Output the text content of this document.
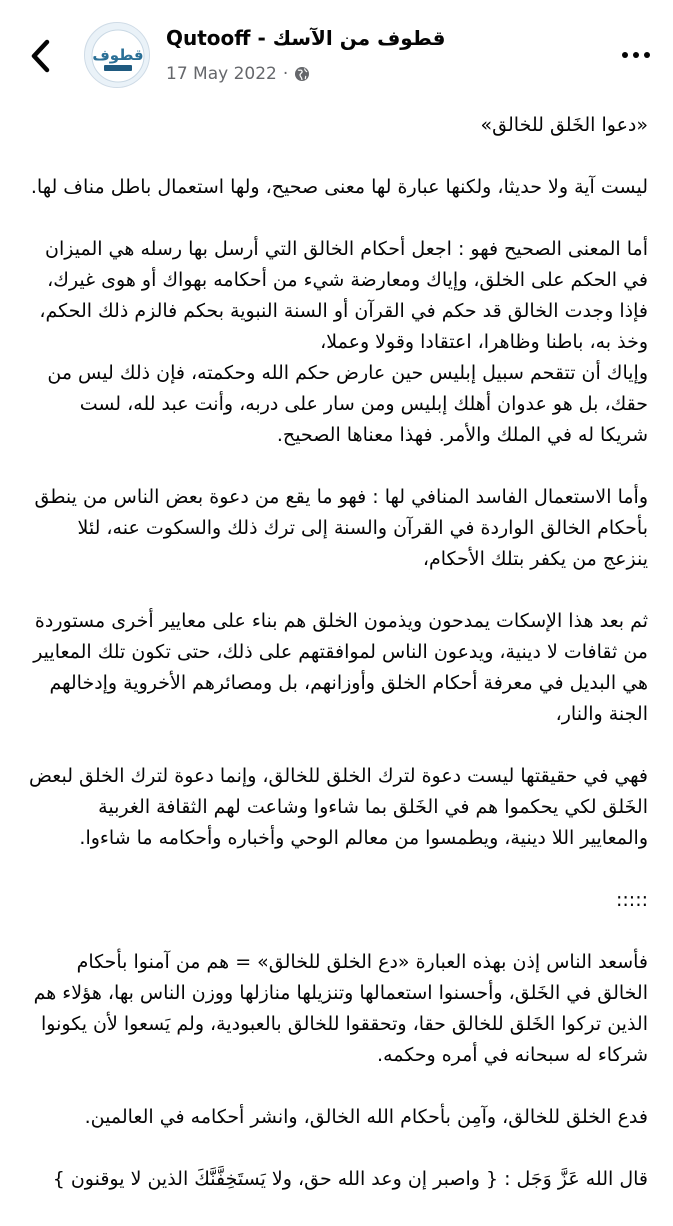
قطوف
Qutooff - قطوف من الآسك
17 May 2022 ·

«دعوا الخَلق للخالق»

ليست آية ولا حديثا، ولكنها عبارة لها معنى صحيح، ولها استعمال باطل مناف لها.

أما المعنى الصحيح فهو : اجعل أحكام الخالق التي أرسل بها رسله هي الميزان في الحكم على الخلق، وإياك ومعارضة شيء من أحكامه بهواك أو هوى غيرك،

فإذا وجدت الخالق قد حكم في القرآن أو السنة النبوية بحكم فالزم ذلك الحكم، وخذ به، باطنا وظاهرا، اعتقادا وقولا وعملا،

وإياك أن تتقحم سبيل إبليس حين عارض حكم الله وحكمته، فإن ذلك ليس من حقك، بل هو عدوان أهلك إبليس ومن سار على دربه، وأنت عبد لله، لست شريكا له في الملك والأمر. فهذا معناها الصحيح.

وأما الاستعمال الفاسد المنافي لها : فهو ما يقع من دعوة بعض الناس من ينطق بأحكام الخالق الواردة في القرآن والسنة إلى ترك ذلك والسكوت عنه، لئلا ينزعج من يكفر بتلك الأحكام،

ثم بعد هذا الإسكات يمدحون ويذمون الخلق هم بناء على معايير أخرى مستوردة من ثقافات لا دينية، ويدعون الناس لموافقتهم على ذلك، حتى تكون تلك المعايير هي البديل في معرفة أحكام الخلق وأوزانهم، بل ومصائرهم الأخروية وإدخالهم الجنة والنار،

فهي في حقيقتها ليست دعوة لترك الخلق للخالق، وإنما دعوة لترك الخلق لبعض الخَلق لكي يحكموا هم في الخَلق بما شاءوا وشاعت لهم الثقافة الغربية والمعايير اللا دينية، ويطمسوا من معالم الوحي وأخباره وأحكامه ما شاءوا.

:::::

فأسعد الناس إذن بهذه العبارة «دع الخلق للخالق» = هم من آمنوا بأحكام الخالق في الخَلق، وأحسنوا استعمالها وتنزيلها منازلها ووزن الناس بها، هؤلاء هم الذين تركوا الخَلق للخالق حقا، وتحققوا للخالق بالعبودية، ولم يَسعوا لأن يكونوا شركاء له سبحانه في أمره وحكمه.

فدع الخلق للخالق، وآمِن بأحكام الله الخالق، وانشر أحكامه في العالمين.

قال الله عَزَّ وَجَل : { واصبر إن وعد الله حق، ولا يَستَخِفَّنَّكَ الذين لا يوقنون }
